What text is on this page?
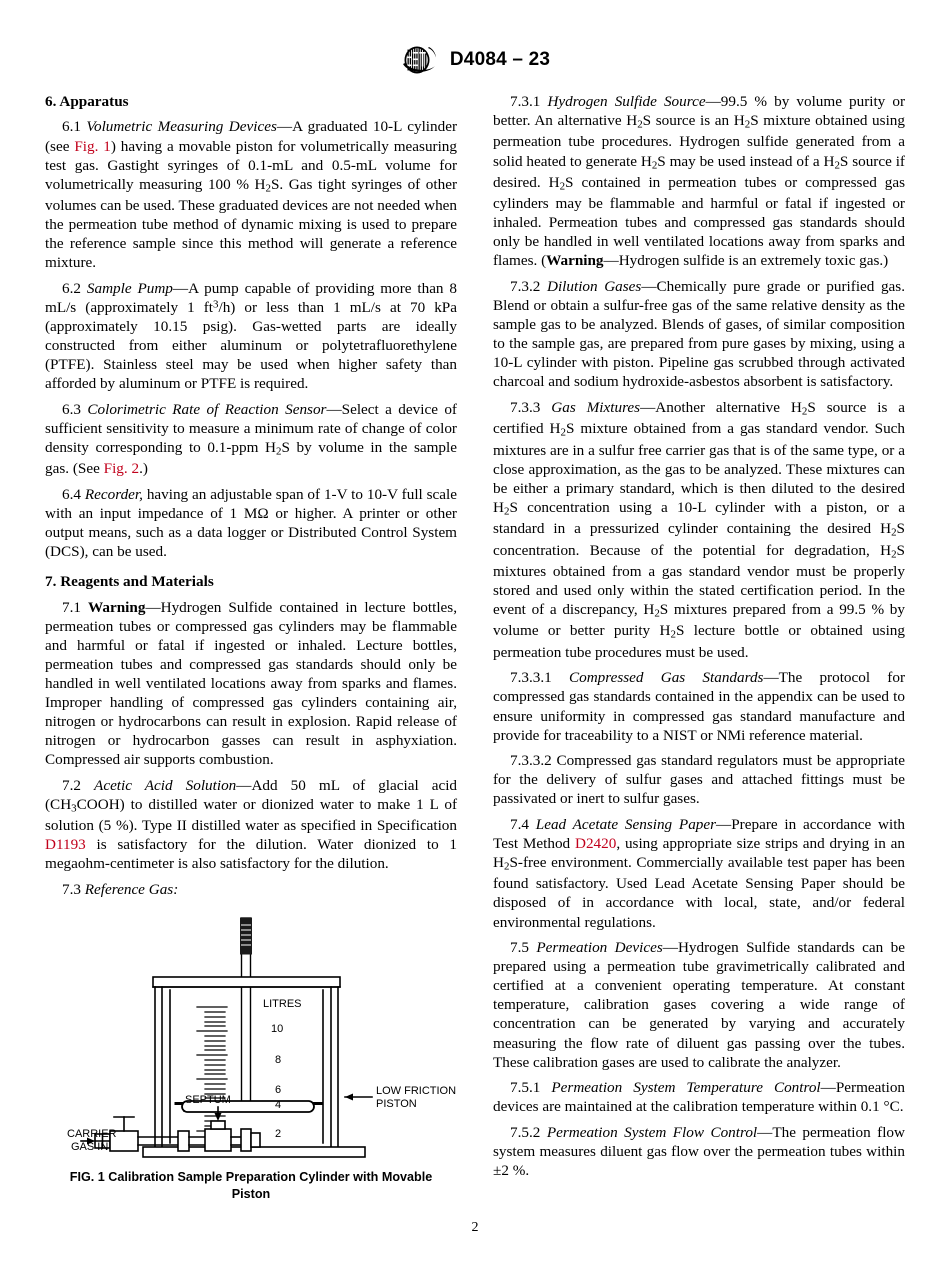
D4084 – 23
6. Apparatus

6.1 Volumetric Measuring Devices—A graduated 10-L cylinder (see Fig. 1) having a movable piston for volumetrically measuring test gas. Gastight syringes of 0.1-mL and 0.5-mL volume for volumetrically measuring 100 % $H_2S$. Gas tight syringes of other volumes can be used. These graduated devices are not needed when the permeation tube method of dynamic mixing is used to prepare the reference sample since this method will generate a reference mixture.

6.2 Sample Pump—A pump capable of providing more than 8 mL/s (approximately 1 $ft^3/h$) or less than 1 mL/s at 70 kPa (approximately 10.15 psig). Gas-wetted parts are ideally constructed from either aluminum or polytetrafluorethylene (PTFE). Stainless steel may be used when higher safety than afforded by aluminum or PTFE is required.

6.3 Colorimetric Rate of Reaction Sensor—Select a device of sufficient sensitivity to measure a minimum rate of change of color density corresponding to 0.1-ppm $H_2S$ by volume in the sample gas. (See Fig. 2.)

6.4 Recorder, having an adjustable span of 1-V to 10-V full scale with an input impedance of 1 MΩ or higher. A printer or other output means, such as a data logger or Distributed Control System (DCS), can be used.

7. Reagents and Materials

7.1 Warning—Hydrogen Sulfide contained in lecture bottles, permeation tubes or compressed gas cylinders may be flammable and harmful or fatal if ingested or inhaled. Lecture bottles, permeation tubes and compressed gas standards should only be handled in well ventilated locations away from sparks and flames. Improper handling of compressed gas cylinders containing air, nitrogen or hydrocarbons can result in explosion. Rapid release of nitrogen or hydrocarbon gasses can result in asphyxiation. Compressed air supports combustion.

7.2 Acetic Acid Solution—Add 50 mL of glacial acid $(CH_3COOH)$ to distilled water or dionized water to make 1 L of solution (5 %). Type II distilled water as specified in Specification D1193 is satisfactory for the dilution. Water dionized to 1 megaohm-centimeter is also satisfactory for the dilution.

7.3 Reference Gas:

LITRES
10
8
6
4
2
LOW FRICTION
PISTON
SEPTUM
CARRIER
GAS IN
FIG. 1 Calibration Sample Preparation Cylinder with Movable Piston

7.3.1 Hydrogen Sulfide Source—99.5 % by volume purity or better. An alternative $H_2S$ source is an $H_2S$ mixture obtained using permeation tube procedures. Hydrogen sulfide generated from a solid heated to generate $H_2S$ may be used instead of a $H_2S$ source if desired. $H_2S$ contained in permeation tubes or compressed gas cylinders may be flammable and harmful or fatal if ingested or inhaled. Permeation tubes and compressed gas standards should only be handled in well ventilated locations away from sparks and flames. (Warning—Hydrogen sulfide is an extremely toxic gas.)

7.3.2 Dilution Gases—Chemically pure grade or purified gas. Blend or obtain a sulfur-free gas of the same relative density as the sample gas to be analyzed. Blends of gases, of similar composition to the sample gas, are prepared from pure gases by mixing, using a 10-L cylinder with piston. Pipeline gas scrubbed through activated charcoal and sodium hydroxide-asbestos absorbent is satisfactory.

7.3.3 Gas Mixtures—Another alternative $H_2S$ source is a certified $H_2S$ mixture obtained from a gas standard vendor. Such mixtures are in a sulfur free carrier gas that is of the same type, or a close approximation, as the gas to be analyzed. These mixtures can be either a primary standard, which is then diluted to the desired $H_2S$ concentration using a 10-L cylinder with a piston, or a standard in a pressurized cylinder containing the desired $H_2S$ concentration. Because of the potential for degradation, $H_2S$ mixtures obtained from a gas standard vendor must be properly stored and used only within the stated certification period. In the event of a discrepancy, $H_2S$ mixtures prepared from a 99.5 % by volume or better purity $H_2S$ lecture bottle or obtained using permeation tube procedures must be used.

7.3.3.1 Compressed Gas Standards—The protocol for compressed gas standards contained in the appendix can be used to ensure uniformity in compressed gas standard manufacture and provide for traceability to a NIST or NMi reference material.

7.3.3.2 Compressed gas standard regulators must be appropriate for the delivery of sulfur gases and attached fittings must be passivated or inert to sulfur gases.

7.4 Lead Acetate Sensing Paper—Prepare in accordance with Test Method D2420, using appropriate size strips and drying in an $H_2S$-free environment. Commercially available test paper has been found satisfactory. Used Lead Acetate Sensing Paper should be disposed of in accordance with local, state, and/or federal environmental regulations.

7.5 Permeation Devices—Hydrogen Sulfide standards can be prepared using a permeation tube gravimetrically calibrated and certified at a convenient operating temperature. At constant temperature, calibration gases covering a wide range of concentration can be generated by varying and accurately measuring the flow rate of diluent gas passing over the tubes. These calibration gases are used to calibrate the analyzer.

7.5.1 Permeation System Temperature Control—Permeation devices are maintained at the calibration temperature within 0.1 °C.

7.5.2 Permeation System Flow Control—The permeation flow system measures diluent gas flow over the permeation tubes within ±2 %.

2
